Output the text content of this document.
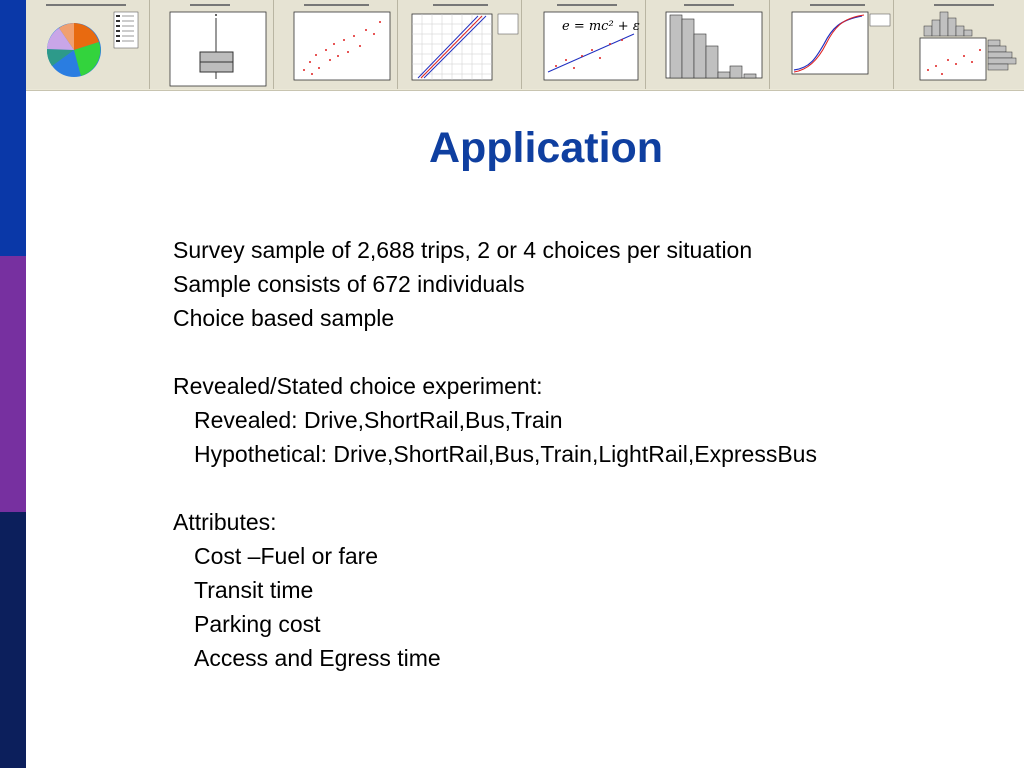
e = mc² + ε
Application
Survey sample of 2,688 trips, 2 or 4 choices per situation
Sample consists of 672 individuals
Choice based sample
Revealed/Stated choice experiment:
Revealed: Drive,ShortRail,Bus,Train
Hypothetical: Drive,ShortRail,Bus,Train,LightRail,ExpressBus
Attributes:
Cost –Fuel or fare
Transit time
Parking cost
Access and Egress time
